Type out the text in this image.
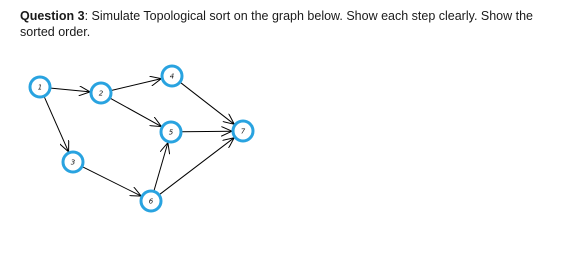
Question 3: Simulate Topological sort on the graph below. Show each step clearly. Show the sorted order.
1
2
3
4
5
6
7
